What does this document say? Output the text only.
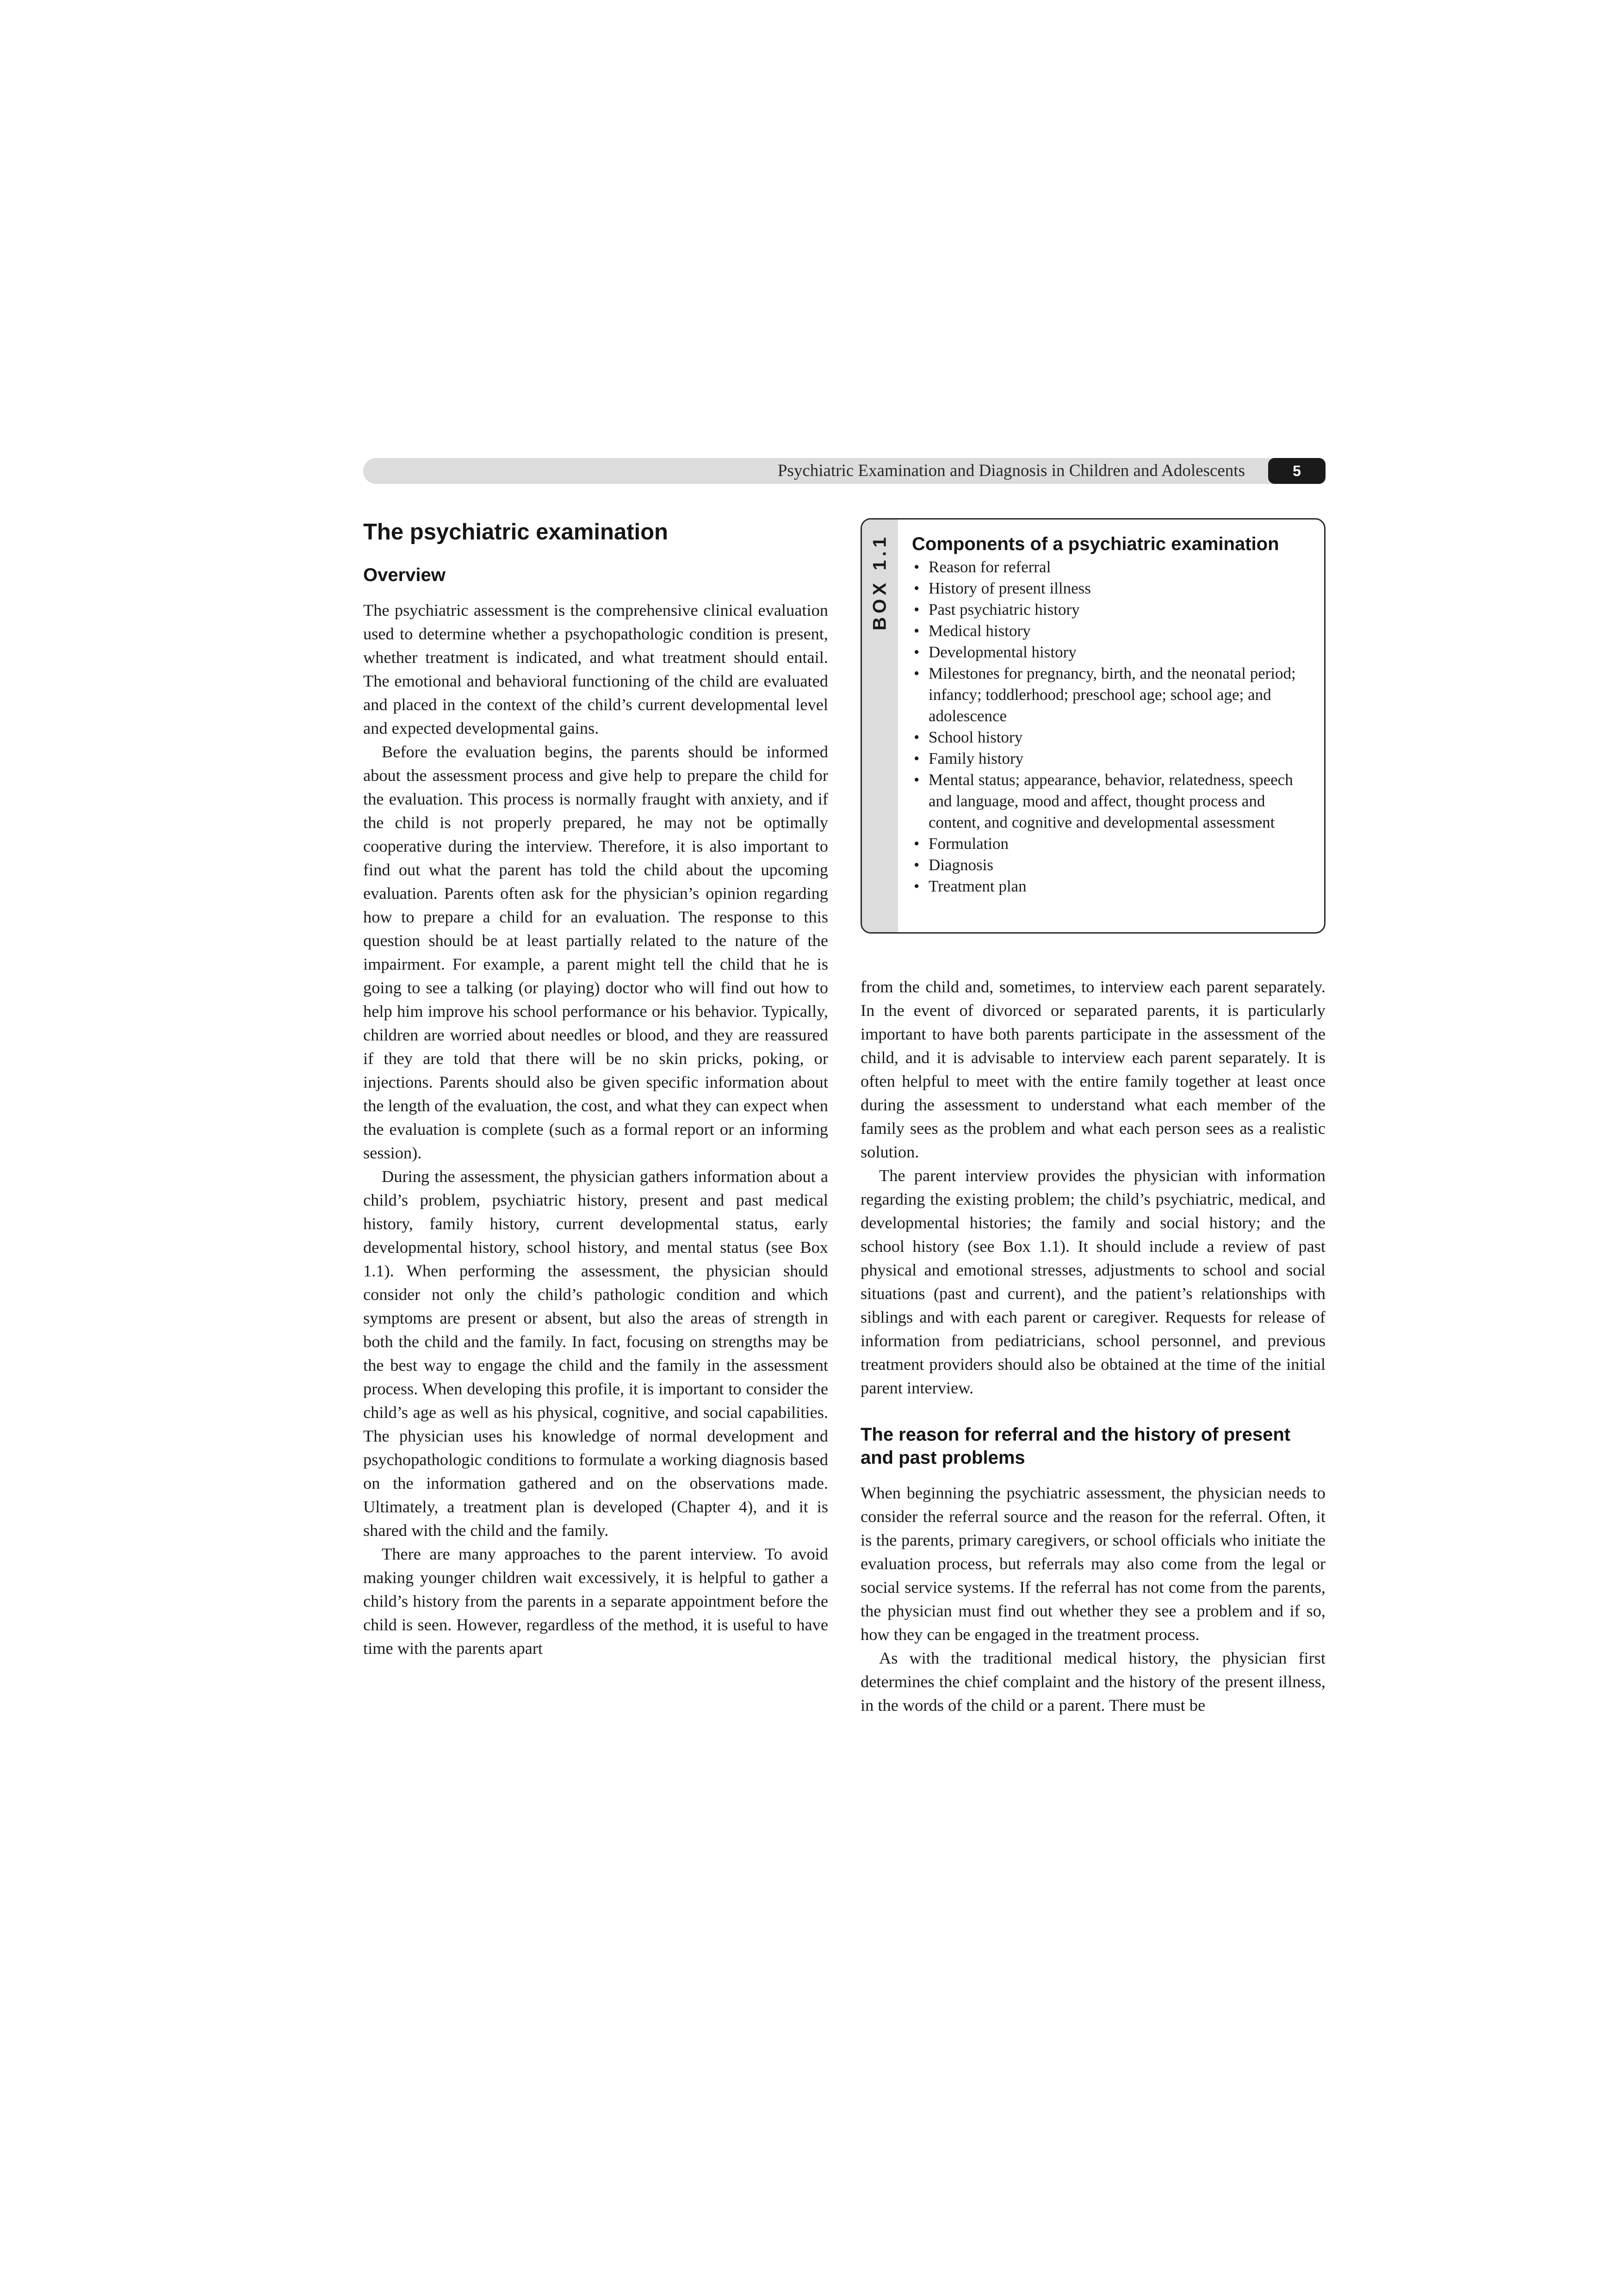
Psychiatric Examination and Diagnosis in Children and Adolescents	5
The psychiatric examination
Overview

The psychiatric assessment is the comprehensive clinical evaluation used to determine whether a psychopathologic condition is present, whether treatment is indicated, and what treatment should entail. The emotional and behavioral functioning of the child are evaluated and placed in the context of the child’s current developmental level and expected developmental gains.

Before the evaluation begins, the parents should be informed about the assessment process and give help to prepare the child for the evaluation. This process is normally fraught with anxiety, and if the child is not properly prepared, he may not be optimally cooperative during the interview. Therefore, it is also important to find out what the parent has told the child about the upcoming evaluation. Parents often ask for the physician’s opinion regarding how to prepare a child for an evaluation. The response to this question should be at least partially related to the nature of the impairment. For example, a parent might tell the child that he is going to see a talking (or playing) doctor who will find out how to help him improve his school performance or his behavior. Typically, children are worried about needles or blood, and they are reassured if they are told that there will be no skin pricks, poking, or injections. Parents should also be given specific information about the length of the evaluation, the cost, and what they can expect when the evaluation is complete (such as a formal report or an informing session).

During the assessment, the physician gathers information about a child’s problem, psychiatric history, present and past medical history, family history, current developmental status, early developmental history, school history, and mental status (see Box 1.1). When performing the assessment, the physician should consider not only the child’s pathologic condition and which symptoms are present or absent, but also the areas of strength in both the child and the family. In fact, focusing on strengths may be the best way to engage the child and the family in the assessment process. When developing this profile, it is important to consider the child’s age as well as his physical, cognitive, and social capabilities. The physician uses his knowledge of normal development and psychopathologic conditions to formulate a working diagnosis based on the information gathered and on the observations made. Ultimately, a treatment plan is developed (Chapter 4), and it is shared with the child and the family.

There are many approaches to the parent interview. To avoid making younger children wait excessively, it is helpful to gather a child’s history from the parents in a separate appointment before the child is seen. However, regardless of the method, it is useful to have time with the parents apart

BOX 1.1 Components of a psychiatric examination
• Reason for referral
• History of present illness
• Past psychiatric history
• Medical history
• Developmental history
• Milestones for pregnancy, birth, and the neonatal period; infancy; toddlerhood; preschool age; school age; and adolescence
• School history
• Family history
• Mental status; appearance, behavior, relatedness, speech and language, mood and affect, thought process and content, and cognitive and developmental assessment
• Formulation
• Diagnosis
• Treatment plan

from the child and, sometimes, to interview each parent separately. In the event of divorced or separated parents, it is particularly important to have both parents participate in the assessment of the child, and it is advisable to interview each parent separately. It is often helpful to meet with the entire family together at least once during the assessment to understand what each member of the family sees as the problem and what each person sees as a realistic solution.

The parent interview provides the physician with information regarding the existing problem; the child’s psychiatric, medical, and developmental histories; the family and social history; and the school history (see Box 1.1). It should include a review of past physical and emotional stresses, adjustments to school and social situations (past and current), and the patient’s relationships with siblings and with each parent or caregiver. Requests for release of information from pediatricians, school personnel, and previous treatment providers should also be obtained at the time of the initial parent interview.

The reason for referral and the history of present and past problems

When beginning the psychiatric assessment, the physician needs to consider the referral source and the reason for the referral. Often, it is the parents, primary caregivers, or school officials who initiate the evaluation process, but referrals may also come from the legal or social service systems. If the referral has not come from the parents, the physician must find out whether they see a problem and if so, how they can be engaged in the treatment process.

As with the traditional medical history, the physician first determines the chief complaint and the history of the present illness, in the words of the child or a parent. There must be
